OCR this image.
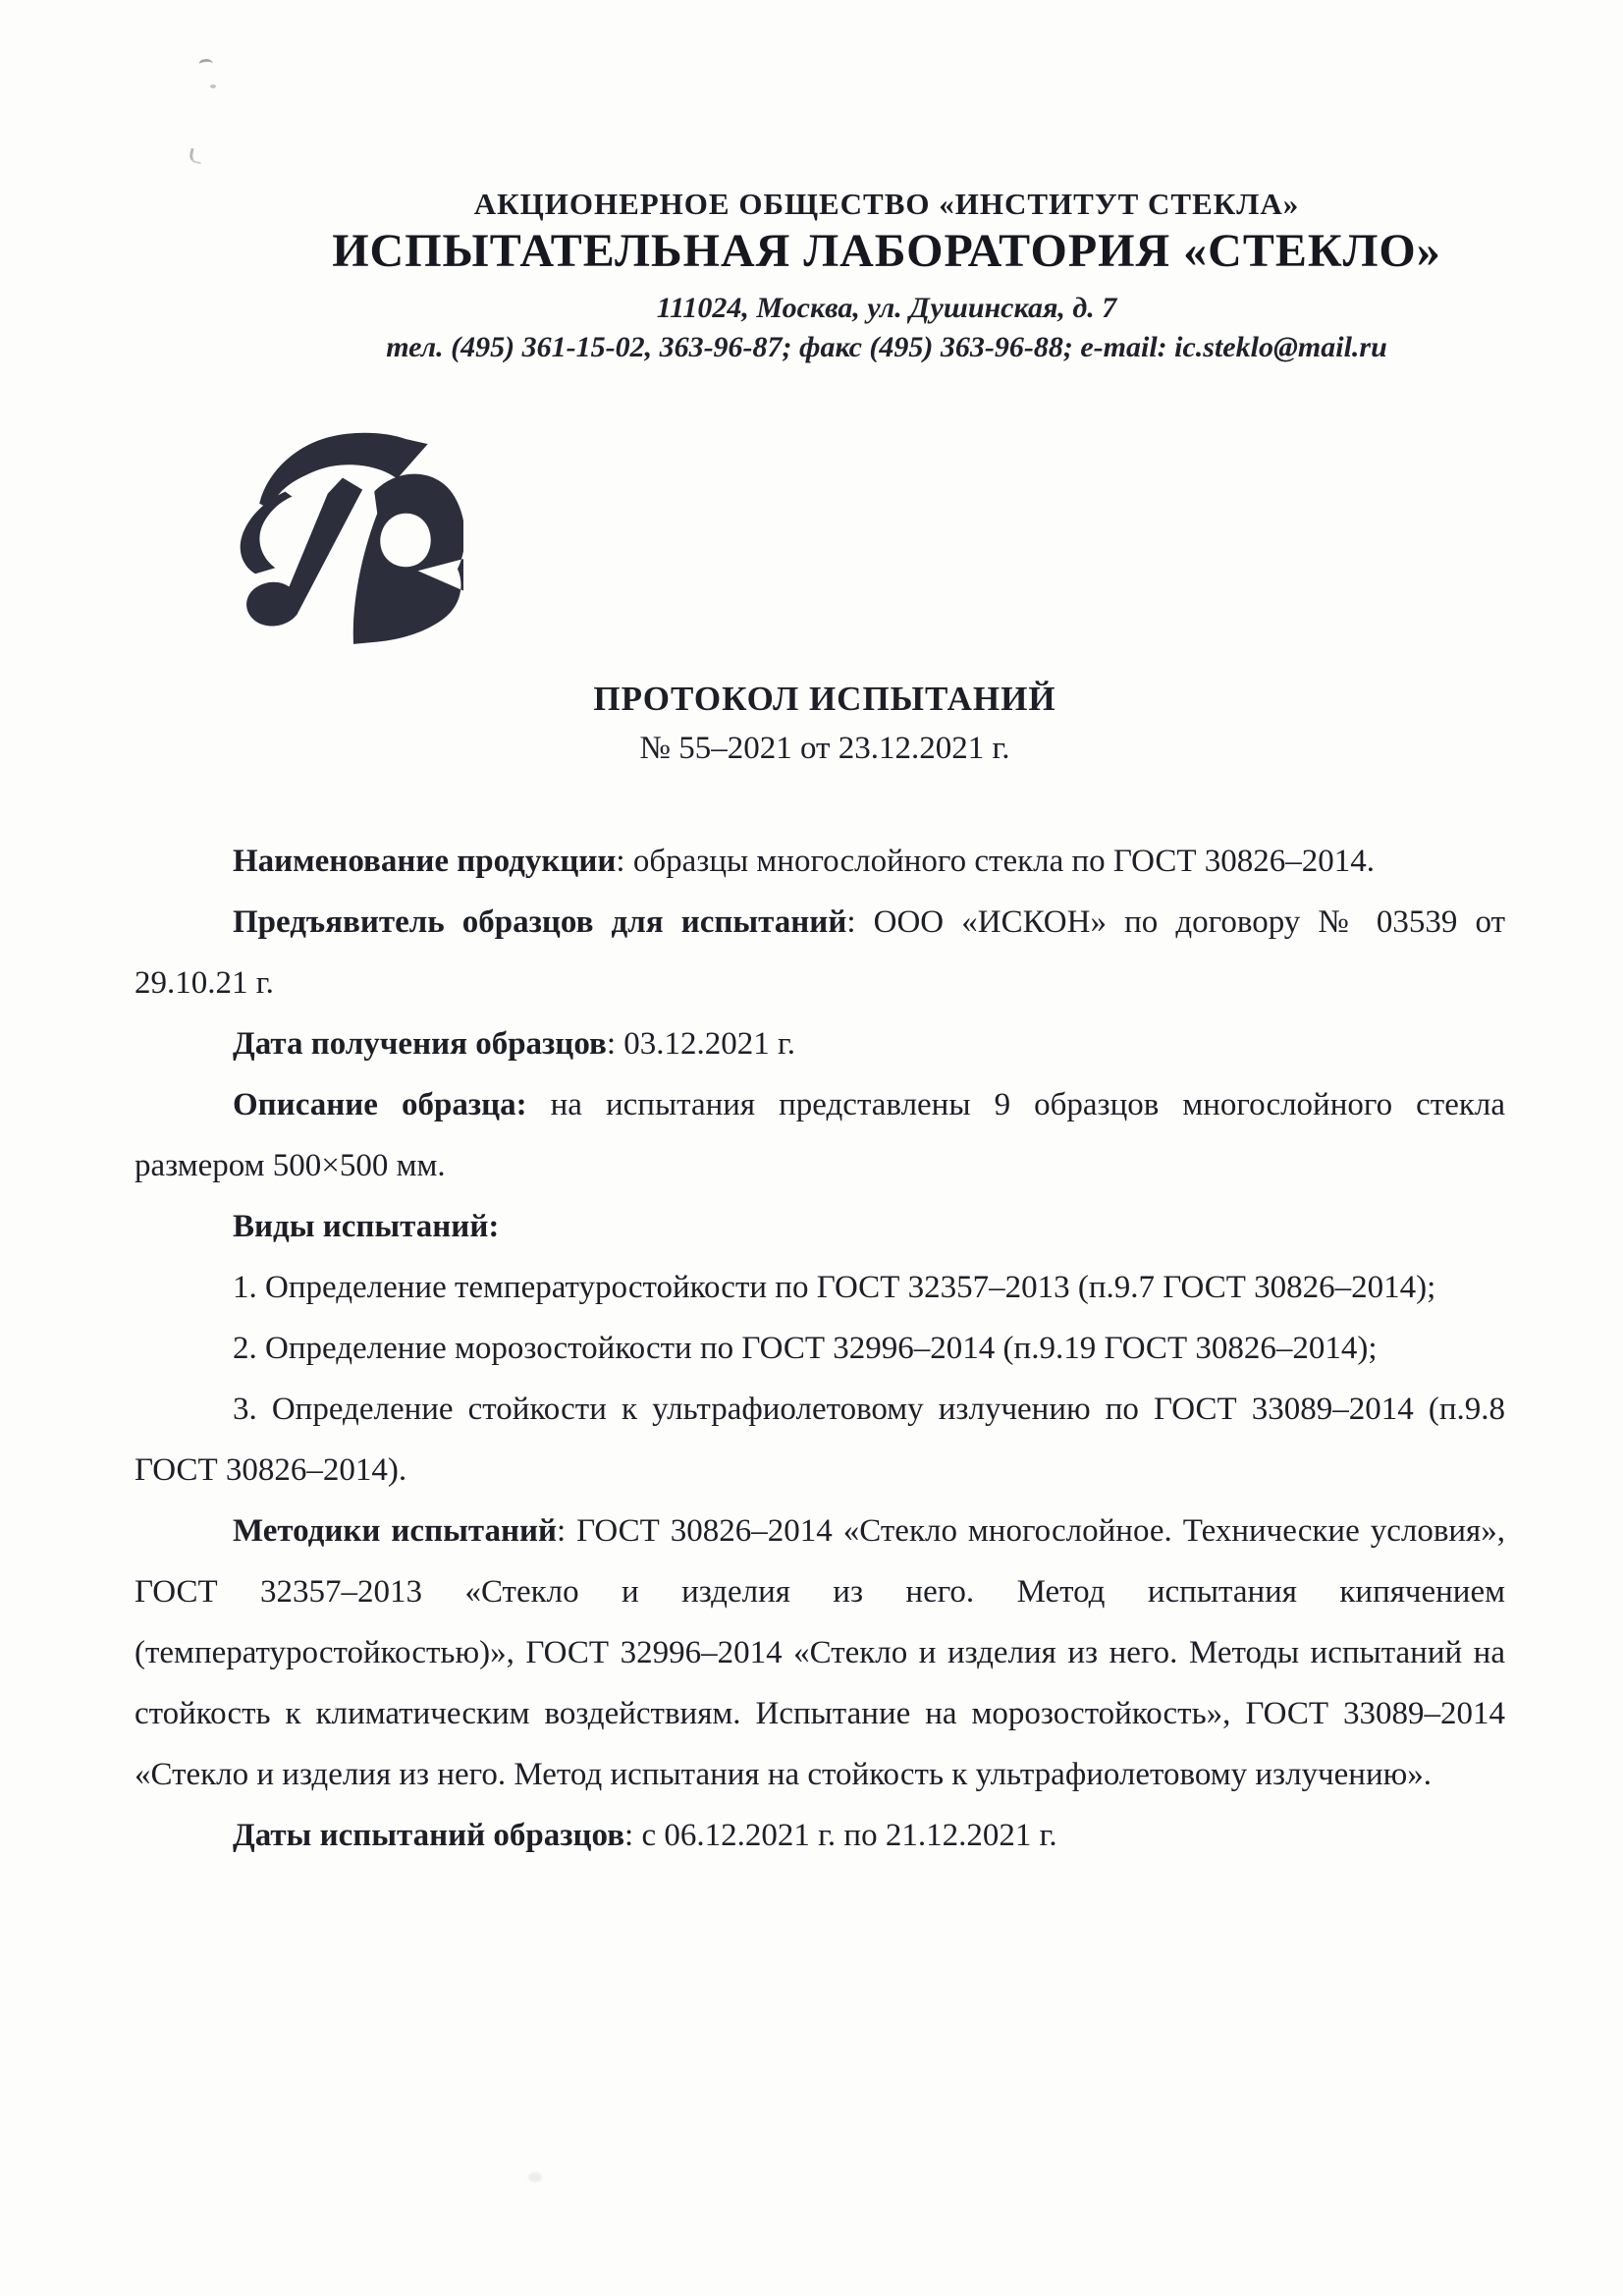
АКЦИОНЕРНОЕ ОБЩЕСТВО «ИНСТИТУТ СТЕКЛА»
ИСПЫТАТЕЛЬНАЯ ЛАБОРАТОРИЯ «СТЕКЛО»
111024, Москва, ул. Душинская, д. 7
тел. (495) 361-15-02, 363-96-87; факс (495) 363-96-88; e-mail: ic.steklo@mail.ru
ПРОТОКОЛ ИСПЫТАНИЙ
№ 55–2021 от 23.12.2021 г.

Наименование продукции: образцы многослойного стекла по ГОСТ 30826–2014.

Предъявитель образцов для испытаний: ООО «ИСКОН» по договору № 03539 от 29.10.21 г.

Дата получения образцов: 03.12.2021 г.

Описание образца: на испытания представлены 9 образцов многослойного стекла размером 500×500 мм.

Виды испытаний:

1. Определение температуростойкости по ГОСТ 32357–2013 (п.9.7 ГОСТ 30826–2014);

2. Определение морозостойкости по ГОСТ 32996–2014 (п.9.19 ГОСТ 30826–2014);

3. Определение стойкости к ультрафиолетовому излучению по ГОСТ 33089–2014 (п.9.8 ГОСТ 30826–2014).

Методики испытаний: ГОСТ 30826–2014 «Стекло многослойное. Технические условия», ГОСТ 32357–2013 «Стекло и изделия из него. Метод испытания кипячением (температуростойкостью)», ГОСТ 32996–2014 «Стекло и изделия из него. Методы испытаний на стойкость к климатическим воздействиям. Испытание на морозостойкость», ГОСТ 33089–2014 «Стекло и изделия из него. Метод испытания на стойкость к ультрафиолетовому излучению».

Даты испытаний образцов: с 06.12.2021 г. по 21.12.2021 г.
